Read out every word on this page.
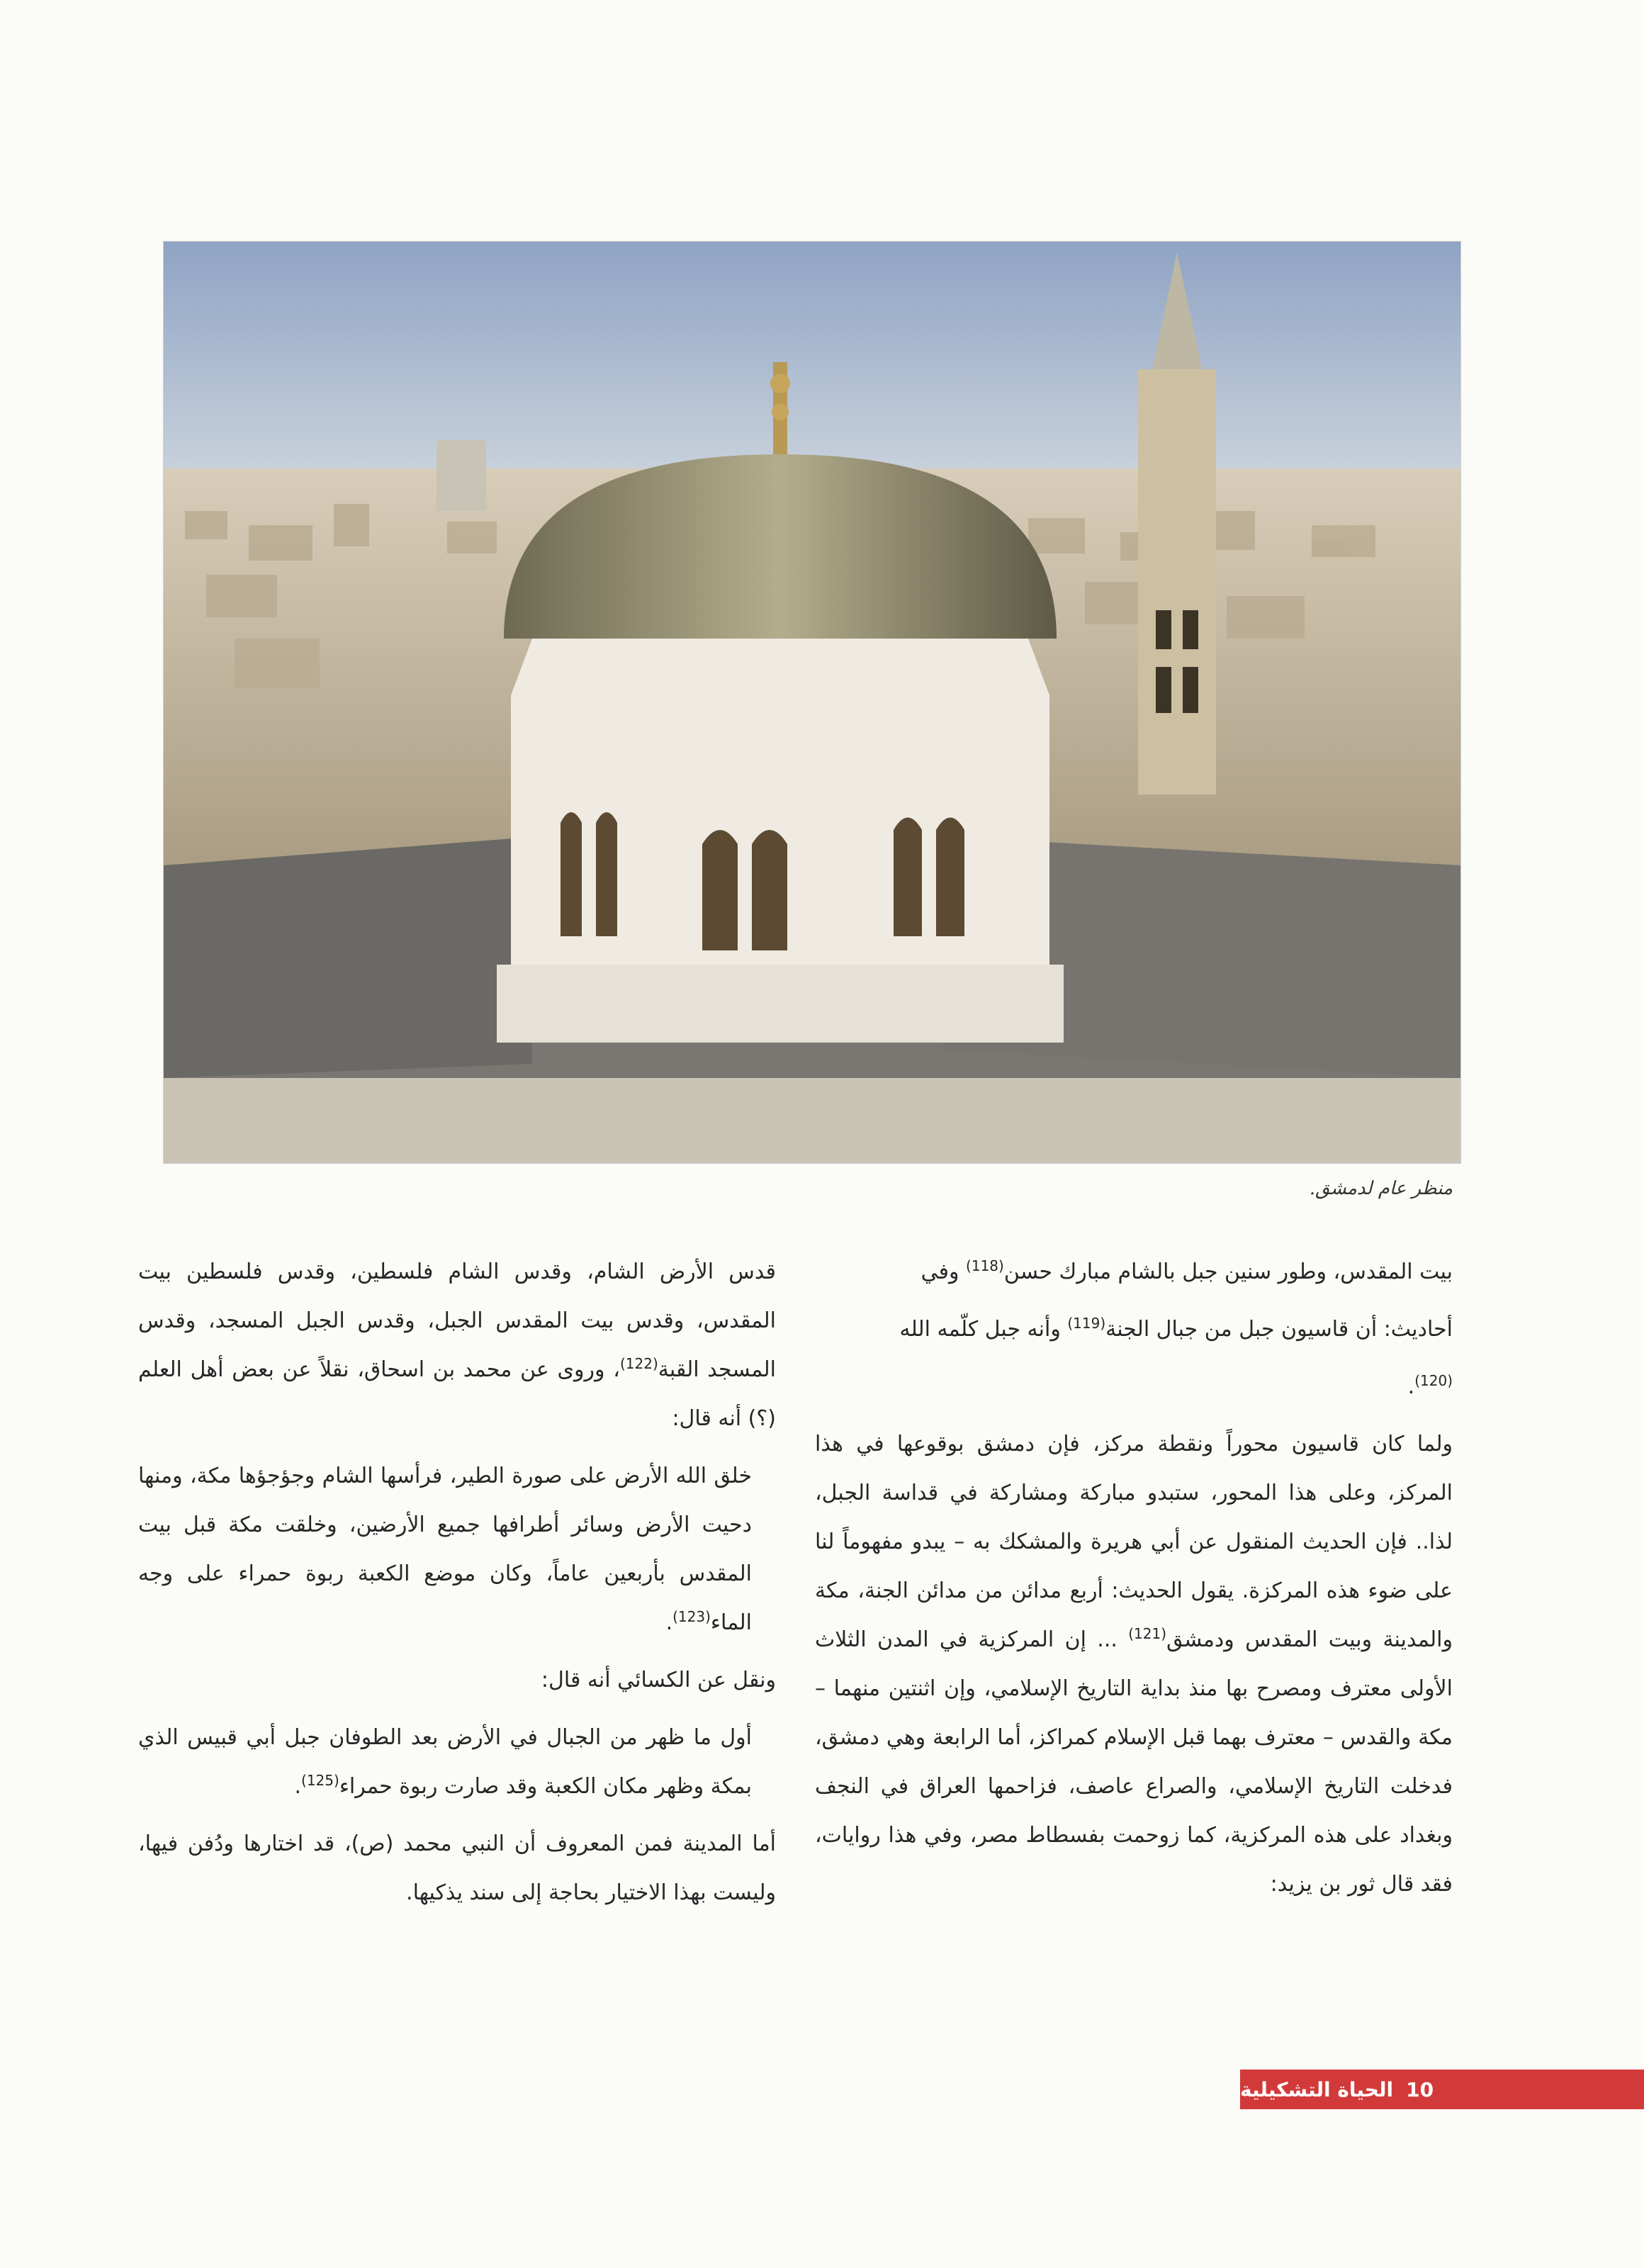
منظر عام لدمشق.

بيت المقدس، وطور سنين جبل بالشام مبارك حسن$^{(118)}$ وفي

أحاديث: أن قاسيون جبل من جبال الجنة$^{(119)}$ وأنه جبل كلّمه الله

$^{(120)}$.

ولما كان قاسيون محوراً ونقطة مركز، فإن دمشق بوقوعها في هذا المركز، وعلى هذا المحور، ستبدو مباركة ومشاركة في قداسة الجبل، لذا.. فإن الحديث المنقول عن أبي هريرة والمشكك به – يبدو مفهوماً لنا على ضوء هذه المركزة. يقول الحديث: أربع مدائن من مدائن الجنة، مكة والمدينة وبيت المقدس ودمشق$^{(121)}$ ... إن المركزية في المدن الثلاث الأولى معترف ومصرح بها منذ بداية التاريخ الإسلامي، وإن اثنتين منهما – مكة والقدس – معترف بهما قبل الإسلام كمراكز، أما الرابعة وهي دمشق، فدخلت التاريخ الإسلامي، والصراع عاصف، فزاحمها العراق في النجف وبغداد على هذه المركزية، كما زوحمت بفسطاط مصر، وفي هذا روايات، فقد قال ثور بن يزيد:

قدس الأرض الشام، وقدس الشام فلسطين، وقدس فلسطين بيت المقدس، وقدس بيت المقدس الجبل، وقدس الجبل المسجد، وقدس المسجد القبة$^{(122)}$، وروى عن محمد بن اسحاق، نقلاً عن بعض أهل العلم (؟) أنه قال:

خلق الله الأرض على صورة الطير، فرأسها الشام وجؤجؤها مكة، ومنها دحيت الأرض وسائر أطرافها جميع الأرضين، وخلقت مكة قبل بيت المقدس بأربعين عاماً، وكان موضع الكعبة ربوة حمراء على وجه الماء$^{(123)}$.

ونقل عن الكسائي أنه قال:

أول ما ظهر من الجبال في الأرض بعد الطوفان جبل أبي قبيس الذي بمكة وظهر مكان الكعبة وقد صارت ربوة حمراء$^{(125)}$.

أما المدينة فمن المعروف أن النبي محمد (ص)، قد اختارها ودُفن فيها، وليست بهذا الاختيار بحاجة إلى سند يذكيها.

10
الحياة التشكيلية
